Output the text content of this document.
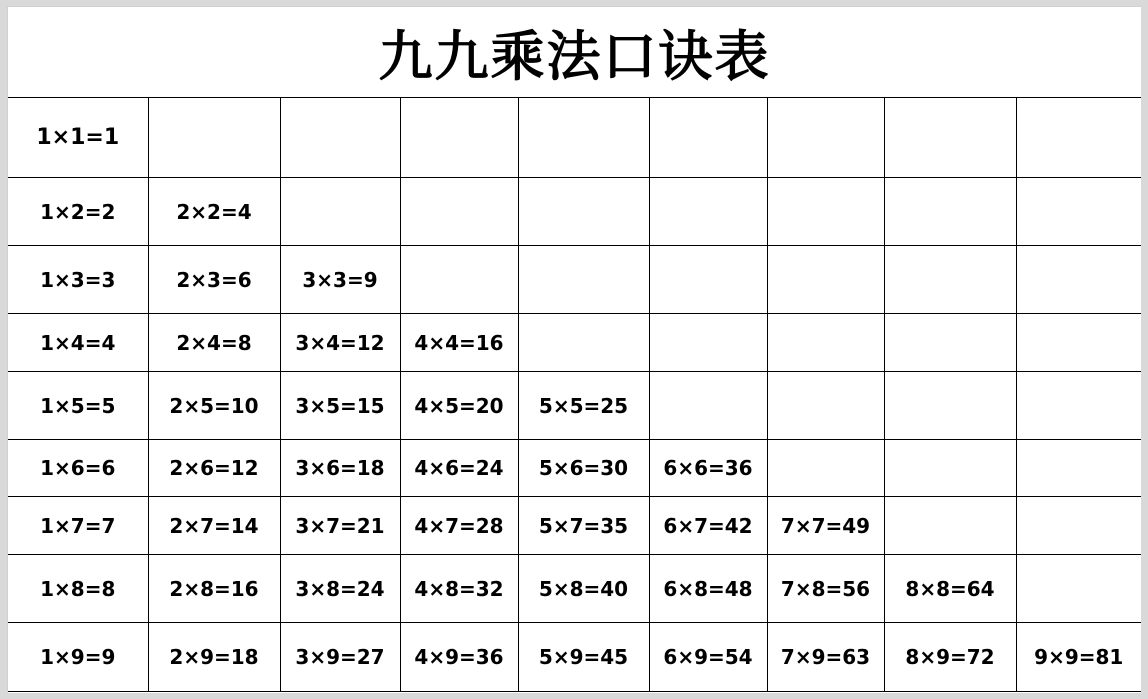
九九乘法口诀表
1×1=1								
1×2=2	2×2=4							
1×3=3	2×3=6	3×3=9						
1×4=4	2×4=8	3×4=12	4×4=16					
1×5=5	2×5=10	3×5=15	4×5=20	5×5=25				
1×6=6	2×6=12	3×6=18	4×6=24	5×6=30	6×6=36			
1×7=7	2×7=14	3×7=21	4×7=28	5×7=35	6×7=42	7×7=49		
1×8=8	2×8=16	3×8=24	4×8=32	5×8=40	6×8=48	7×8=56	8×8=64	
1×9=9	2×9=18	3×9=27	4×9=36	5×9=45	6×9=54	7×9=63	8×9=72	9×9=81
